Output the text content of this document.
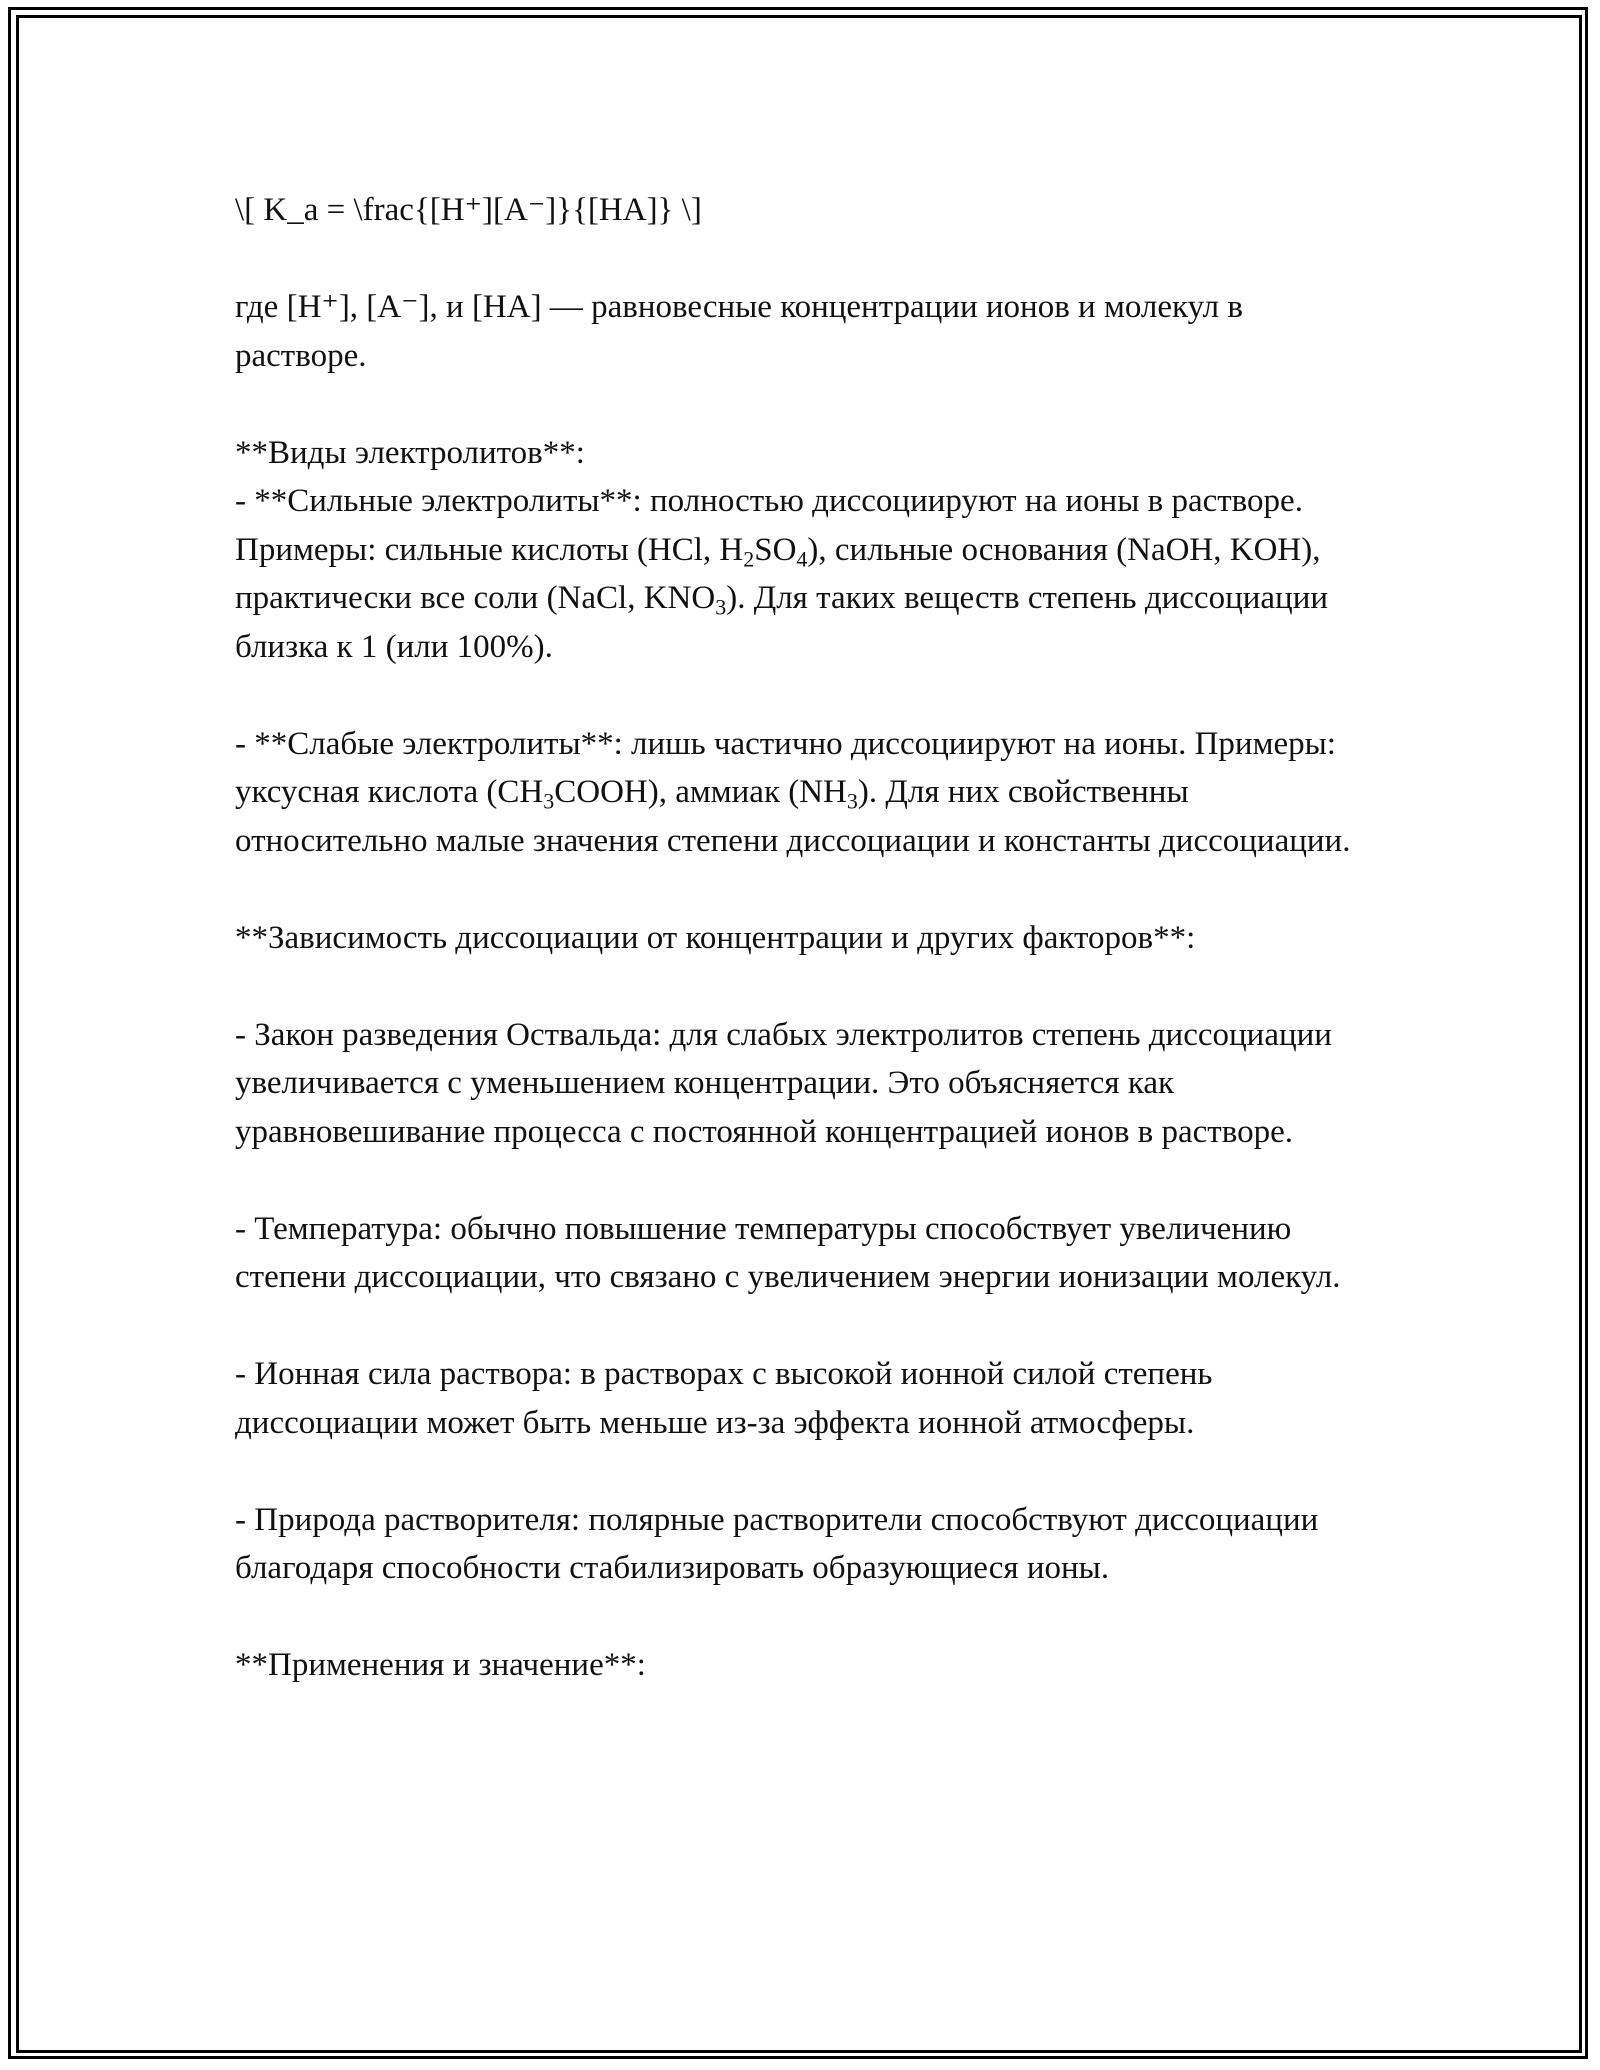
\[ K_a = \frac{[H⁺][A⁻]}{[HA]} \]

где [H⁺], [A⁻], и [HA] — равновесные концентрации ионов и молекул в растворе.

**Виды электролитов**:

- **Сильные электролиты**: полностью диссоциируют на ионы в растворе. Примеры: сильные кислоты (HCl, $H_2SO_4$), сильные основания (NaOH, KOH), практически все соли (NaCl, $KNO_3$). Для таких веществ степень диссоциации близка к 1 (или 100%).

- **Слабые электролиты**: лишь частично диссоциируют на ионы. Примеры: уксусная кислота $(CH_3COOH)$, аммиак $(NH_3)$. Для них свойственны относительно малые значения степени диссоциации и константы диссоциации.

**Зависимость диссоциации от концентрации и других факторов**:

- Закон разведения Оствальда: для слабых электролитов степень диссоциации увеличивается с уменьшением концентрации. Это объясняется как уравновешивание процесса с постоянной концентрацией ионов в растворе.

- Температура: обычно повышение температуры способствует увеличению степени диссоциации, что связано с увеличением энергии ионизации молекул.

- Ионная сила раствора: в растворах с высокой ионной силой степень диссоциации может быть меньше из-за эффекта ионной атмосферы.

- Природа растворителя: полярные растворители способствуют диссоциации благодаря способности стабилизировать образующиеся ионы.

**Применения и значение**:
